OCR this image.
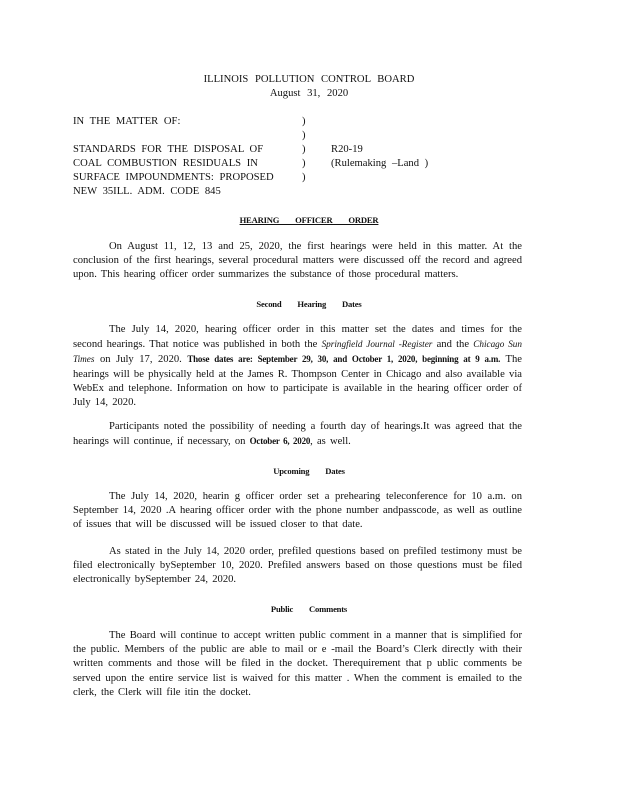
ILLINOIS POLLUTION CONTROL BOARD
August 31, 2020
IN THE MATTER OF:
STANDARDS FOR THE DISPOSAL OF
COAL COMBUSTION RESIDUALS IN
SURFACE IMPOUNDMENTS: PROPOSED
NEW 35ILL. ADM. CODE 845
)
)
)
)
)
R20-19
(Rulemaking –Land )
HEARING OFFICER ORDER
On August 11, 12, 13 and 25, 2020, the first hearings were held in this matter. At the conclusion of the first hearings, several procedural matters were discussed off the record and agreed upon. This hearing officer order summarizes the substance of those procedural matters.
Second Hearing Dates
The July 14, 2020, hearing officer order in this matter set the dates and times for the second hearings. That notice was published in both the Springfield Journal -Register and the Chicago Sun Times on July 17, 2020. Those dates are: September 29, 30, and October 1, 2020, beginning at 9 a.m. The hearings will be physically held at the James R. Thompson Center in Chicago and also available via WebEx and telephone. Information on how to participate is available in the hearing officer order of July 14, 2020.
Participants noted the possibility of needing a fourth day of hearings.It was agreed that the hearings will continue, if necessary, on October 6, 2020, as well.
Upcoming Dates
The July 14, 2020, hearin g officer order set a prehearing teleconference for 10 a.m. on September 14, 2020 .A hearing officer order with the phone number andpasscode, as well as outline of issues that will be discussed will be issued closer to that date.
As stated in the July 14, 2020 order, prefiled questions based on prefiled testimony must be filed electronically bySeptember 10, 2020. Prefiled answers based on those questions must be filed electronically bySeptember 24, 2020.
Public Comments
The Board will continue to accept written public comment in a manner that is simplified for the public. Members of the public are able to mail or e -mail the Board’s Clerk directly with their written comments and those will be filed in the docket. Therequirement that p ublic comments be served upon the entire service list is waived for this matter . When the comment is emailed to the clerk, the Clerk will file itin the docket.
